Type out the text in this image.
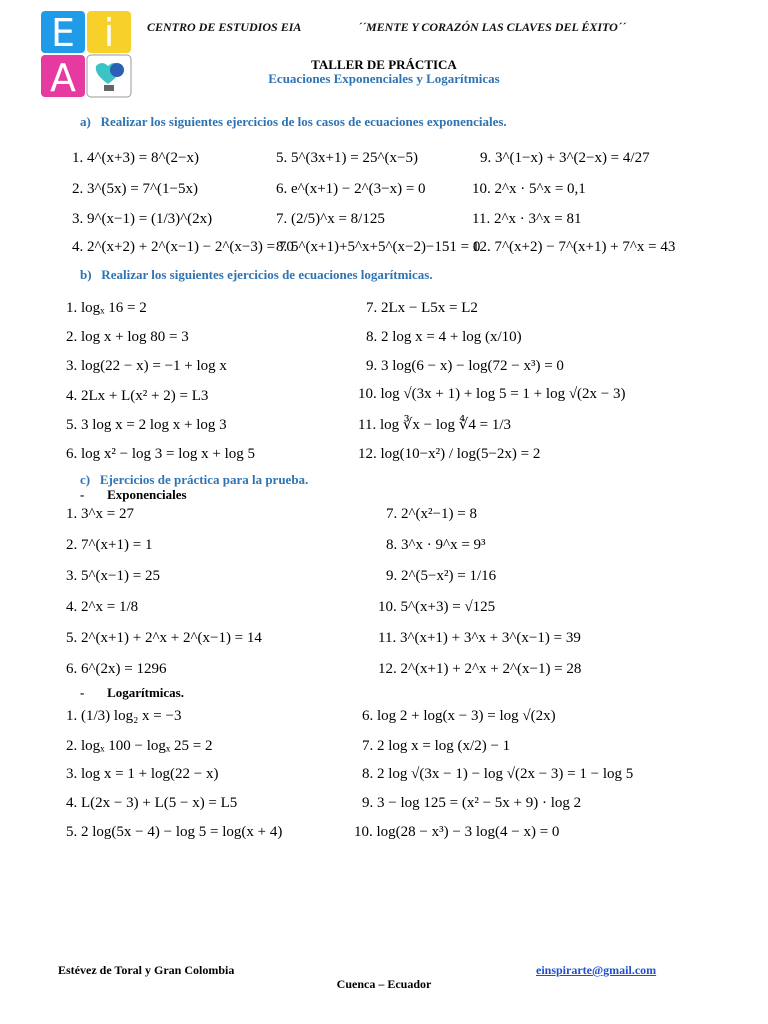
E i
A
CENTRO DE ESTUDIOS EIA	´´MENTE Y CORAZÓN LAS CLAVES DEL ÉXITO´´
TALLER DE PRÁCTICA
Ecuaciones Exponenciales y Logarítmicas
a)   Realizar los siguientes ejercicios de los casos de ecuaciones exponenciales.
1. 4^(x+3) = 8^(2−x)
2. 3^(5x) = 7^(1−5x)
3. 9^(x−1) = (1/3)^(2x)
4. 2^(x+2) + 2^(x−1) − 2^(x−3) = 70
5. 5^(3x+1) = 25^(x−5)
6. e^(x+1) − 2^(3−x) = 0
7. (2/5)^x = 8/125
8. 5^(x+1)+5^x+5^(x−2)−151 = 0
9. 3^(1−x) + 3^(2−x) = 4/27
10. 2^x · 5^x = 0,1
11. 2^x · 3^x = 81
12. 7^(x+2) − 7^(x+1) + 7^x = 43
b)   Realizar los siguientes ejercicios de ecuaciones logarítmicas.
1. logₓ 16 = 2
2. log x + log 80 = 3
3. log(22 − x) = −1 + log x
4. 2Lx + L(x² + 2) = L3
5. 3 log x = 2 log x + log 3
6. log x² − log 3 = log x + log 5
7. 2Lx − L5x = L2
8. 2 log x = 4 + log (x/10)
9. 3 log(6 − x) − log(72 − x³) = 0
10. log √(3x + 1) + log 5 = 1 + log √(2x − 3)
11. log ∛x − log ∜4 = 1/3
12. log(10−x²) / log(5−2x) = 2
c)   Ejercicios de práctica para la prueba.
-       Exponenciales
1. 3^x = 27
2. 7^(x+1) = 1
3. 5^(x−1) = 25
4. 2^x = 1/8
5. 2^(x+1) + 2^x + 2^(x−1) = 14
6. 6^(2x) = 1296
7. 2^(x²−1) = 8
8. 3^x · 9^x = 9³
9. 2^(5−x²) = 1/16
10. 5^(x+3) = √125
11. 3^(x+1) + 3^x + 3^(x−1) = 39
12. 2^(x+1) + 2^x + 2^(x−1) = 28
-       Logarítmicas.
1. (1/3) log₂ x = −3
2. logₓ 100 − logₓ 25 = 2
3. log x = 1 + log(22 − x)
4. L(2x − 3) + L(5 − x) = L5
5. 2 log(5x − 4) − log 5 = log(x + 4)
6. log 2 + log(x − 3) = log √(2x)
7. 2 log x = log (x/2) − 1
8. 2 log √(3x − 1) − log √(2x − 3) = 1 − log 5
9. 3 − log 125 = (x² − 5x + 9) · log 2
10. log(28 − x³) − 3 log(4 − x) = 0
Estévez de Toral y Gran Colombia	einspirarte@gmail.com
Cuenca – Ecuador
